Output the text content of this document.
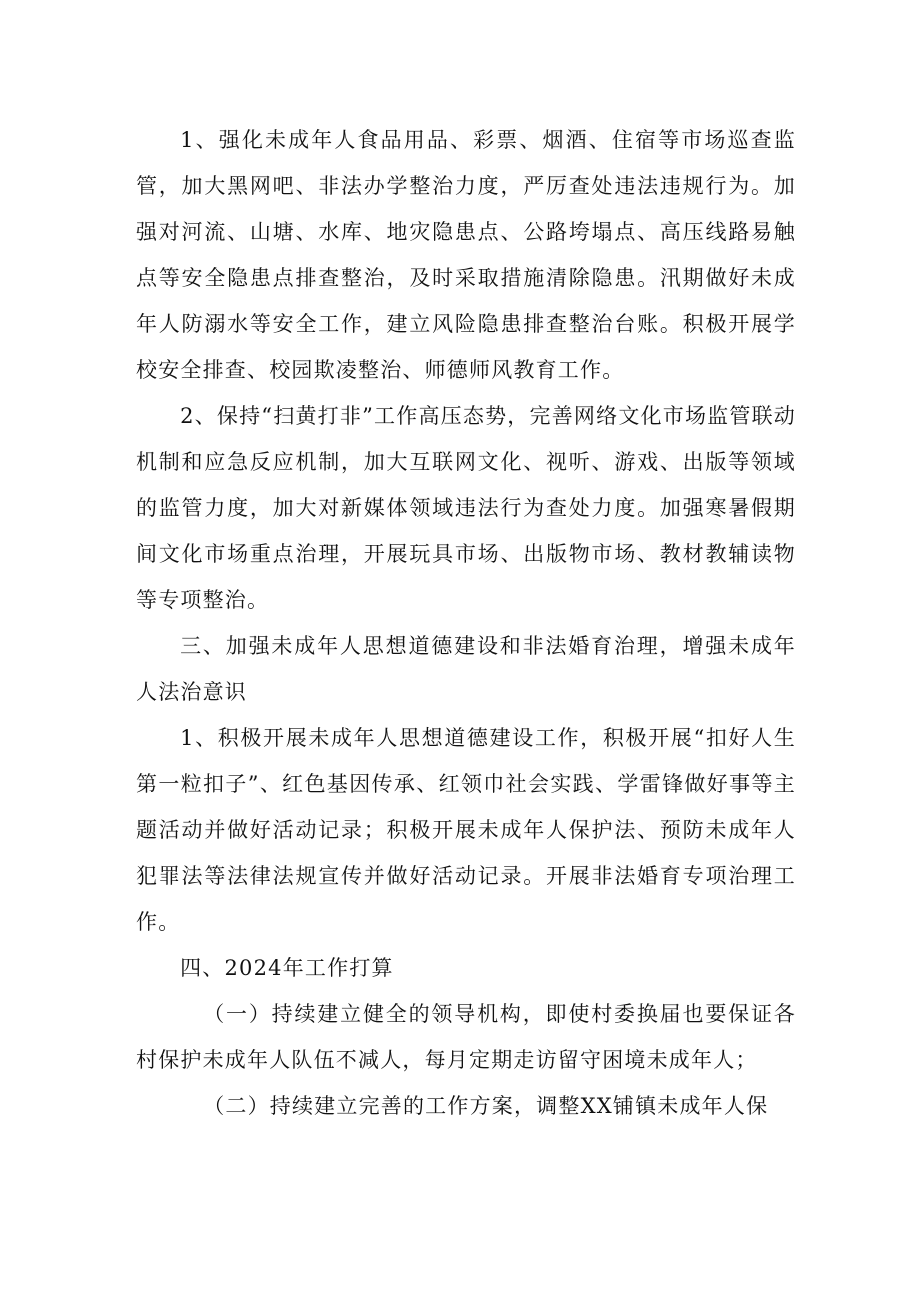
1、强化未成年人食品用品、彩票、烟酒、住宿等市场巡查监管，加大黑网吧、非法办学整治力度，严厉查处违法违规行为。加强对河流、山塘、水库、地灾隐患点、公路垮塌点、高压线路易触点等安全隐患点排查整治，及时采取措施清除隐患。汛期做好未成年人防溺水等安全工作，建立风险隐患排查整治台账。积极开展学校安全排查、校园欺凌整治、师德师风教育工作。

2、保持“扫黄打非”工作高压态势，完善网络文化市场监管联动机制和应急反应机制，加大互联网文化、视听、游戏、出版等领域的监管力度，加大对新媒体领域违法行为查处力度。加强寒暑假期间文化市场重点治理，开展玩具市场、出版物市场、教材教辅读物等专项整治。

三、加强未成年人思想道德建设和非法婚育治理，增强未成年人法治意识

1、积极开展未成年人思想道德建设工作，积极开展“扣好人生第一粒扣子”、红色基因传承、红领巾社会实践、学雷锋做好事等主题活动并做好活动记录；积极开展未成年人保护法、预防未成年人犯罪法等法律法规宣传并做好活动记录。开展非法婚育专项治理工作。

四、2024年工作打算

（一）持续建立健全的领导机构，即使村委换届也要保证各村保护未成年人队伍不减人，每月定期走访留守困境未成年人；

（二）持续建立完善的工作方案，调整XX铺镇未成年人保
